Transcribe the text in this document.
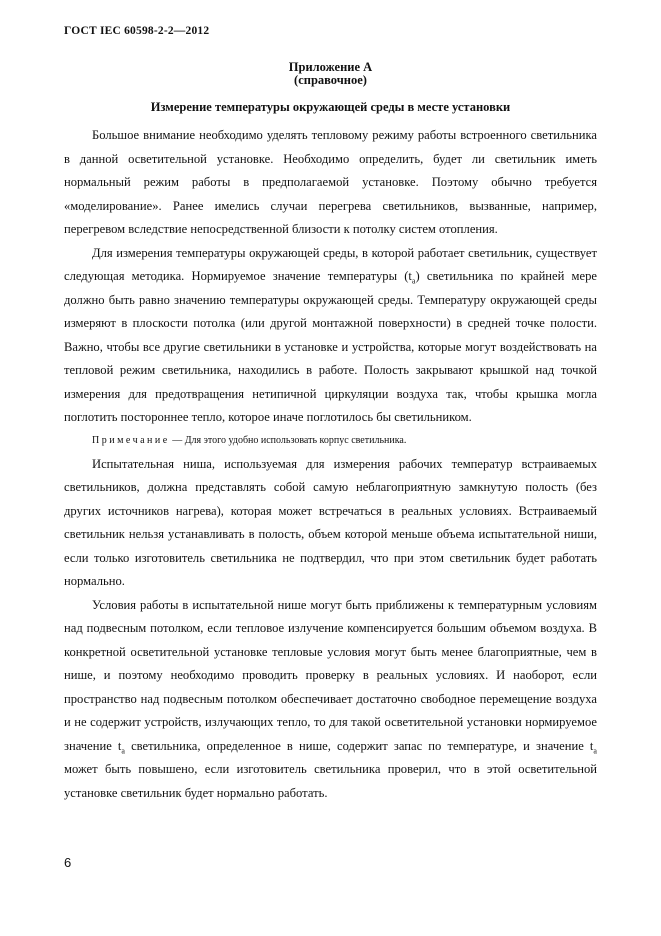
ГОСТ IEC 60598-2-2—2012
Приложение А
(справочное)
Измерение температуры окружающей среды в месте установки

Большое внимание необходимо уделять тепловому режиму работы встроенного светильника в данной осветительной установке. Необходимо определить, будет ли светильник иметь нормальный режим работы в предполагаемой установке. Поэтому обычно требуется «моделирование». Ранее имелись случаи перегрева светильников, вызванные, например, перегревом вследствие непосредственной близости к потолку систем отопления.

Для измерения температуры окружающей среды, в которой работает светильник, существует следующая методика. Нормируемое значение температуры $(t_a)$ светильника по крайней мере должно быть равно значению температуры окружающей среды. Температуру окружающей среды измеряют в плоскости потолка (или другой монтажной поверхности) в средней точке полости. Важно, чтобы все другие светильники в установке и устройства, которые могут воздействовать на тепловой режим светильника, находились в работе. Полость закрывают крышкой над точкой измерения для предотвращения нетипичной циркуляции воздуха так, чтобы крышка могла поглотить постороннее тепло, которое иначе поглотилось бы светильником.

Примечание — Для этого удобно использовать корпус светильника.

Испытательная ниша, используемая для измерения рабочих температур встраиваемых светильников, должна представлять собой самую неблагоприятную замкнутую полость (без других источников нагрева), которая может встречаться в реальных условиях. Встраиваемый светильник нельзя устанавливать в полость, объем которой меньше объема испытательной ниши, если только изготовитель светильника не подтвердил, что при этом светильник будет работать нормально.

Условия работы в испытательной нише могут быть приближены к температурным условиям над подвесным потолком, если тепловое излучение компенсируется большим объемом воздуха. В конкретной осветительной установке тепловые условия могут быть менее благоприятные, чем в нише, и поэтому необходимо проводить проверку в реальных условиях. И наоборот, если пространство над подвесным потолком обеспечивает достаточно свободное перемещение воздуха и не содержит устройств, излучающих тепло, то для такой осветительной установки нормируемое значение $t_a$ светильника, определенное в нише, содержит запас по температуре, и значение $t_a$ может быть повышено, если изготовитель светильника проверил, что в этой осветительной установке светильник будет нормально работать.

6
